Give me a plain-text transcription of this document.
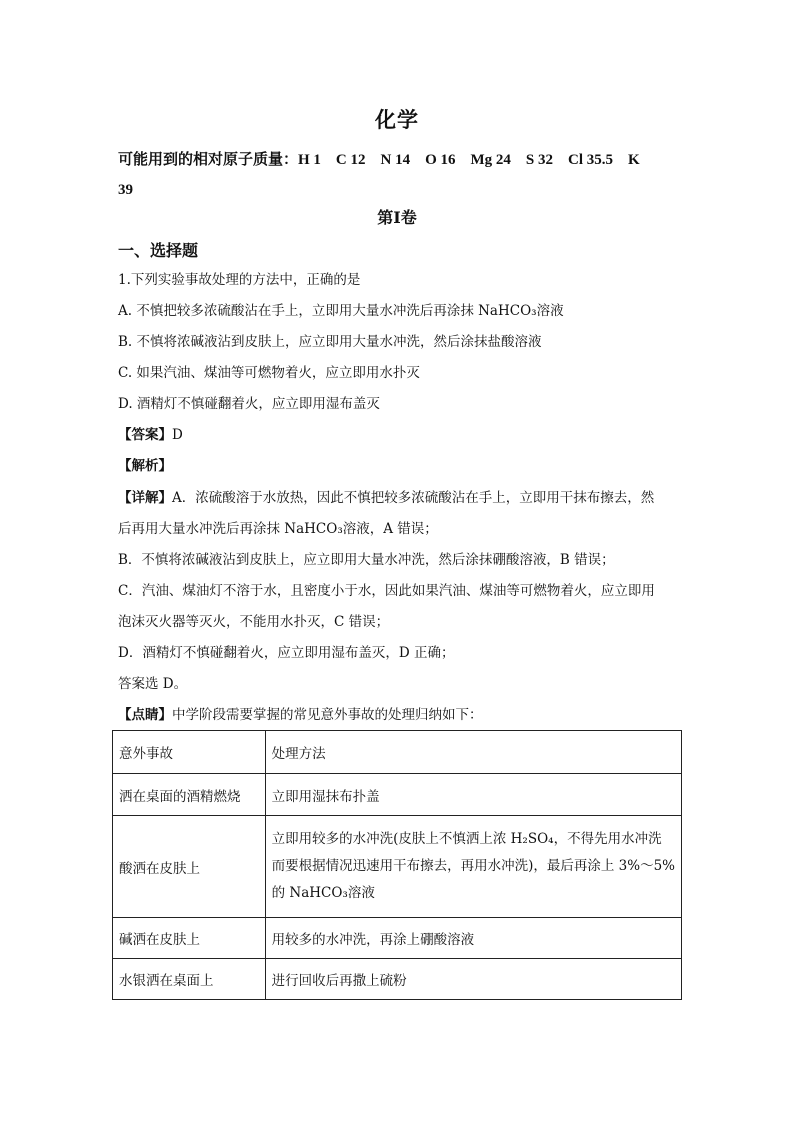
化学
可能用到的相对原子质量：H 1    C 12    N 14    O 16    Mg 24    S 32    Cl 35.5    K
39
第Ⅰ卷
一、选择题
1.下列实验事故处理的方法中，正确的是
A. 不慎把较多浓硫酸沾在手上，立即用大量水冲洗后再涂抹 NaHCO₃溶液
B. 不慎将浓碱液沾到皮肤上，应立即用大量水冲洗，然后涂抹盐酸溶液
C. 如果汽油、煤油等可燃物着火，应立即用水扑灭
D. 酒精灯不慎碰翻着火，应立即用湿布盖灭
【答案】D
【解析】
【详解】A．浓硫酸溶于水放热，因此不慎把较多浓硫酸沾在手上，立即用干抹布擦去，然
后再用大量水冲洗后再涂抹 NaHCO₃溶液，A 错误；
B．不慎将浓碱液沾到皮肤上，应立即用大量水冲洗，然后涂抹硼酸溶液，B 错误；
C．汽油、煤油灯不溶于水，且密度小于水，因此如果汽油、煤油等可燃物着火，应立即用
泡沫灭火器等灭火，不能用水扑灭，C 错误；
D．酒精灯不慎碰翻着火，应立即用湿布盖灭，D 正确；
答案选 D。
【点睛】中学阶段需要掌握的常见意外事故的处理归纳如下：
意外事故	处理方法
洒在桌面的酒精燃烧	立即用湿抹布扑盖
酸洒在皮肤上	立即用较多的水冲洗(皮肤上不慎洒上浓 H₂SO₄，不得先用水冲洗
而要根据情况迅速用干布擦去，再用水冲洗)，最后再涂上 3%～5%
的 NaHCO₃溶液

碱洒在皮肤上	用较多的水冲洗，再涂上硼酸溶液
水银洒在桌面上	进行回收后再撒上硫粉
